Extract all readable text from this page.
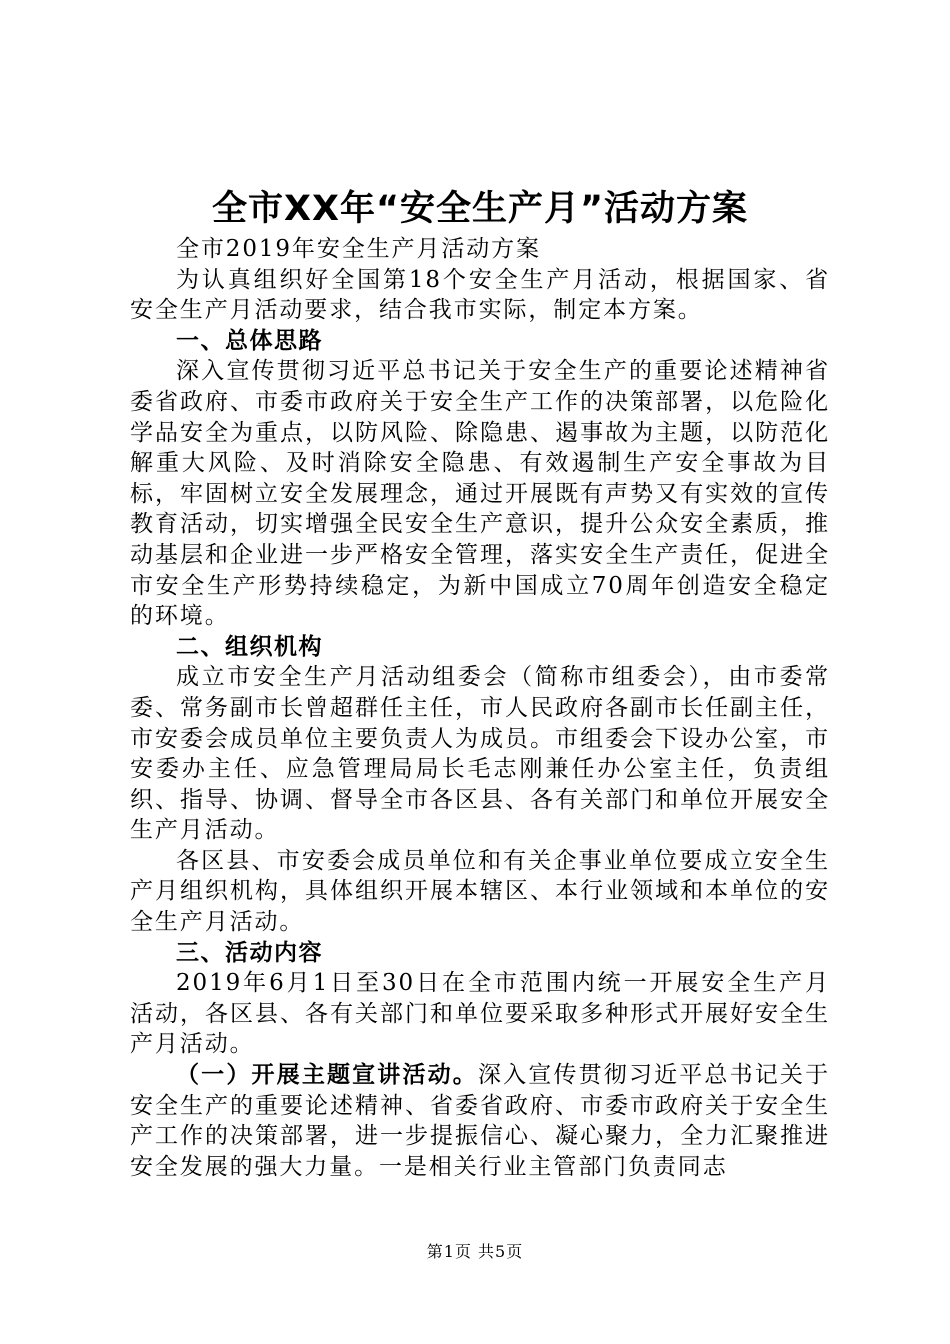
全市XX年“安全生产月”活动方案

全市2019年安全生产月活动方案

为认真组织好全国第18个安全生产月活动，根据国家、省安全生产月活动要求，结合我市实际，制定本方案。

一、总体思路

深入宣传贯彻习近平总书记关于安全生产的重要论述精神省委省政府、市委市政府关于安全生产工作的决策部署，以危险化学品安全为重点，以防风险、除隐患、遏事故为主题，以防范化解重大风险、及时消除安全隐患、有效遏制生产安全事故为目标，牢固树立安全发展理念，通过开展既有声势又有实效的宣传教育活动，切实增强全民安全生产意识，提升公众安全素质，推动基层和企业进一步严格安全管理，落实安全生产责任，促进全市安全生产形势持续稳定，为新中国成立70周年创造安全稳定的环境。

二、组织机构

成立市安全生产月活动组委会（简称市组委会），由市委常委、常务副市长曾超群任主任，市人民政府各副市长任副主任，市安委会成员单位主要负责人为成员。市组委会下设办公室，市安委办主任、应急管理局局长毛志刚兼任办公室主任，负责组织、指导、协调、督导全市各区县、各有关部门和单位开展安全生产月活动。

各区县、市安委会成员单位和有关企事业单位要成立安全生产月组织机构，具体组织开展本辖区、本行业领域和本单位的安全生产月活动。

三、活动内容

2019年6月1日至30日在全市范围内统一开展安全生产月活动，各区县、各有关部门和单位要采取多种形式开展好安全生产月活动。

（一）开展主题宣讲活动。深入宣传贯彻习近平总书记关于安全生产的重要论述精神、省委省政府、市委市政府关于安全生产工作的决策部署，进一步提振信心、凝心聚力，全力汇聚推进安全发展的强大力量。一是相关行业主管部门负责同志

第1页 共5页
